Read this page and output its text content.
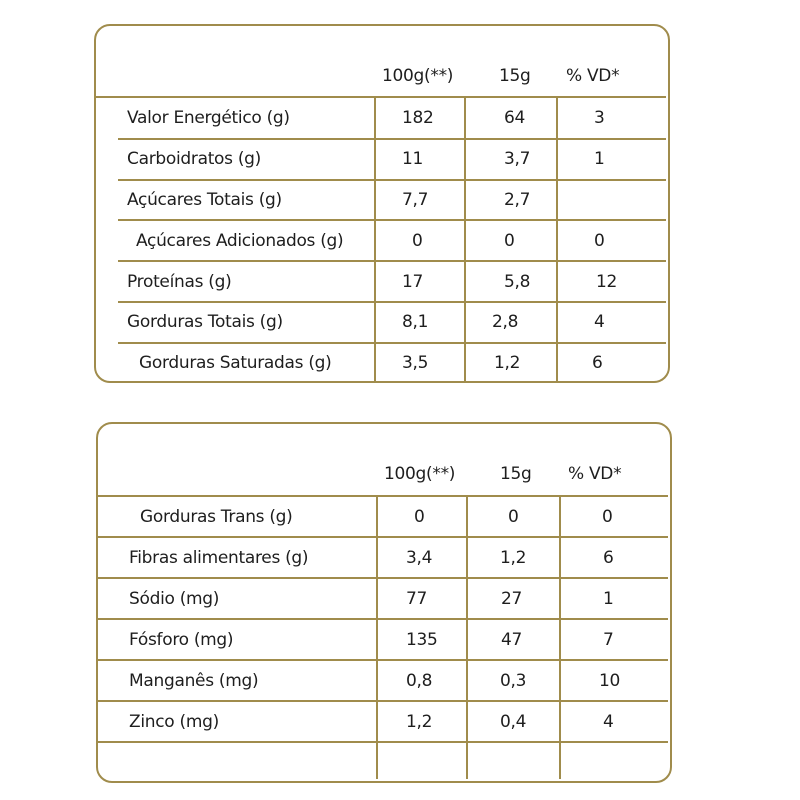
100g(**)	15g % VD*
Valor Energético (g)	182	64	3
Carboidratos (g)	11	3,7	1
Açúcares Totais (g)	7,7	2,7
Açúcares Adicionados (g)	0	0	0
Proteínas (g)	17	5,8	12
Gorduras Totais (g)	8,1	2,8	4
Gorduras Saturadas (g)	3,5	1,2	6
100g(**)	15g % VD*
Gorduras Trans (g)	0	0	0
Fibras alimentares (g)	3,4	1,2	6
Sódio (mg)	77	27	1
Fósforo (mg)	135	47	7
Manganês (mg)	0,8	0,3	10
Zinco (mg)	1,2	0,4	4
